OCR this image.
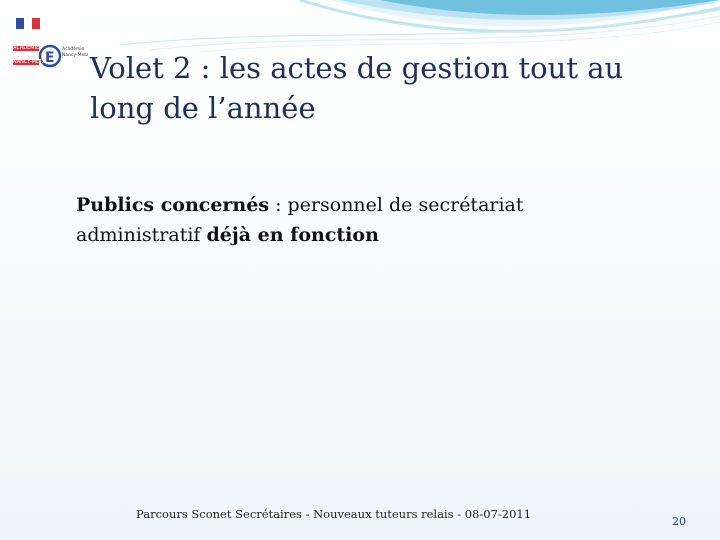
E
ACADÉMIE
NANCY-METZ
Académie
Nancy-Metz Volet 2 : les actes de gestion tout au
long de l’année
Publics concernés : personnel de secrétariat
administratif déjà en fonction
Parcours Sconet Secrétaires - Nouveaux tuteurs relais - 08-07-2011
20
